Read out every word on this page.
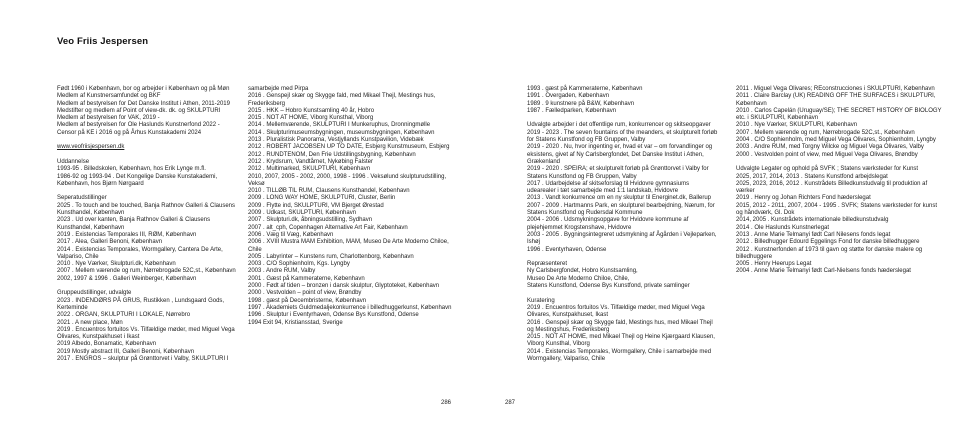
Veo Friis Jespersen

Født 1960 i København, bor og arbejder i København og på Møn

Medlem af Kunstnersamfundet og BKF

Medlem af bestyrelsen for Det Danske Institut i Athen, 2011-2019

Medstifter og medlem af Point of view-dk. dk. og SKULPTURI

Medlem af bestyrelsen for VAK, 2019 -

Medlem af bestyrelsen for Ole Haslunds Kunstnerfond 2022 -

Censor på KE i 2016 og på Århus Kunstakademi 2024

www.veofriisjespersen.dk

Uddannelse

1993-95 . Billedskolen, København, hos Erik Lynge m.fl.

1986-92 og 1993-94 . Det Kongelige Danske Kunstakademi, København, hos Bjørn Nørgaard

Seperatudstillinger

2025 . To touch and be touched, Banja Rathnov Galleri & Clausens Kunsthandel, København

2023 . Ud over kanten, Banja Rathnov Galleri & Clausens Kunsthandel, København

2019 . Existencias Temporales III, RØM, København

2017 . Alea, Galleri Benoni, København

2014 . Existencias Temporales, Wormgallery, Cantera De Arte, Valpariso, Chile

2010 . Nye Værker, Skulpturi.dk, København

2007 . Mellem værende og rum, Nørrebrogade 52C,st., København

2002, 1997 & 1996 . Galleri Weinberger, København

Gruppeudstillinger, udvalgte

2023 . INDENDØRS PÅ GRUS, Rustikken , Lundsgaard Gods, Kerteminde

2022 . ORGAN, SKULPTURI I LOKALE, Nørrebro

2021 . A new place, Møn

2019 . Encuentros fortuitos Vs. Tilfældige møder, med Miguel Vega Olivares, Kunstpakhuset i Ikast

2019 Albedo, Bonamatic, København

2019 Mostly abstract III, Galleri Benoni, København

2017 . ENGROS – skulptur på Grønttorvet i Valby, SKULPTURI I

samarbejde med Pirpa

2016 . Genspejl skær og Skygge fald, med Mikael Thejl, Mestings hus, Frederiksberg

2015 . HKK – Hobro Kunstsamling 40 år, Hobro

2015 . NOT AT HOME, Viborg Kunsthal, Viborg

2014 . Mellemværende, SKULPTURI I Munkeruphus, Dronningmølle

2014 . Skulpturimuseumsbygningen, museumsbygningen, København

2013 . Pluralistisk Panorama, Vestjyllands Kunstpavilion, Videbæk

2012 . ROBERT JACOBSEN UP TO DATE, Esbjerg Kunstmuseum, Esbjerg

2012 . RUNDTENOM, Den Frie Udstillingsbygning, København

2012 . Krydsrum, Vandtårnet, Nykøbing Falster

2012 . Multimarked, SKULPTURI, København

2010, 2007, 2005 - 2002, 2000, 1998 - 1996 . Veksølund skulpturudstilling, Veksø

2010 . TILLØB TIL RUM, Clausens Kunsthandel, København

2009 . LONG WAY HOME, SKULPTURI, Cluster, Berlin

2009 . Flytte ind, SKULPTURI, VM Bjerget Ørestad

2009 . Udkast, SKULPTURI, København

2007 . Skulpturi.dk, åbningsudstilling, Sydhavn

2007 . alt_cph, Copenhagen Alternative Art Fair, København

2006 . Væg til Væg, København

2006 . XVIII Mustra MAM Exhibition, MAM, Museo De Arte Moderno Chiloe, Chile

2005 . Labyrinter – Kunstens rum, Charlottenborg, København

2003 . C/O Sophienholm, Kgs. Lyngby

2003 . Andre RUM, Valby

2001 . Gæst på Kammeraterne, København

2000 . Født af tiden – bronzen i dansk skulptur, Glyptoteket, København

2000 . Vestvolden – point of view, Brøndby

1998 . gæst på Decembristerne, København

1997 . Akademiets Guldmedaljekonkurrence i billedhuggerkunst, København

1996 . Skulptur i Eventyrhaven, Odense Bys Kunstfond, Odense

1994 Exit 94, Kristiansstad, Sverige

1993 . gæst på Kammeraterne, København

1991 . Overgaden, København

1989 . 9 kunstnere på B&W, København

1987 . Fælledparken, København

Udvalgte arbejder i det offentlige rum, konkurrencer og skitseopgaver

2019 - 2023 . The seven fountains of the meanders, et skulpturelt forløb for Statens Kunstfond og FB Gruppen, Valby

2019 - 2020 . Nu, hvor ingenting er, hvad et var – om forvandlinger og eksistens, givet af Ny Carlsbergfondet, Det Danske Institut i Athen, Grækenland

2019 - 2020 . SPEIRA; et skulpturelt forløb på Grønttorvet i Valby for Statens Kunstfond og FB Gruppen, Valby

2017 . Udarbejdelse af skitseforslag til Hvidovre gymnasiums udearealer i tæt samarbejde med 1:1 landskab, Hvidovre

2013 . Vandt konkurrence om en ny skulptur til Energinet.dk, Ballerup

2007 - 2009 . Hartmanns Park, en skulpturel bearbejdning, Nærum, for Statens Kunstfond og Rudersdal Kommune

2004 - 2006 . Udsmykningsopgave for Hvidovre kommune af plejehjemmet Krogstenshave, Hvidovre

2003 - 2005 . Bygningsintegreret udsmykning af Ågården i Vejleparken, Ishøj

1996 . Eventyrhaven, Odense

Repræsenteret

Ny Carlsbergfondet, Hobro Kunstsamling,

Museo De Arte Moderno Chiloe, Chile,

Statens Kunstfond, Odense Bys Kunstfond, private samlinger

Kuratering

2019 . Encuentros fortuitos Vs. Tilfældige møder, med Miguel Vega Olivares, Kunstpakhuset, Ikast

2016 . Genspejl skær og Skygge fald, Mestings hus, med Mikael Thejl og Mestingshus, Frederiksberg

2015 . NOT AT HOME, med Mikael Thejl og Heine Kjærgaard Klausen, Viborg Kunsthal, Viborg

2014 . Existencias Temporales, Wormgallery, Chile i samarbejde med Wormgallery, Valpariso, Chile

2011 . Miguel Vega Olivares; REconstrucciones i SKULPTURI, København

2011 . Claire Barclay (UK) READING OFF THE SURFACES i SKULPTURI, København

2010 . Carlos Capelán (Uruguay/SE); THE SECRET HISTORY OF BIOLOGY etc. i SKULPTURI, København

2010 . Nye Værker, SKULPTURI, København

2007 . Mellem værende og rum, Nørrebrogade 52C,st., København

2004 . C/O Sophienholm, med Miguel Vega Olivares, Sophienholm, Lyngby

2003 . Andre RUM, med Torgny Wilcke og Miguel Vega Olivares, Valby

2000 . Vestvolden point of view, med Miguel Vega Olivares, Brøndby

Udvalgte Legater og ophold på SVFK ; Statens værksteder for Kunst

2025, 2017, 2014, 2013 . Statens Kunstfond arbejdslegat

2025, 2023, 2016, 2012 . Kunstrådets Billedkunstudvalg til produktion af værker

2019 . Henry og Johan Richters Fond hæderslegat

2015, 2012 - 2011, 2007, 2004 - 1995 . SVFK; Statens værksteder for kunst og håndværk, Gl. Dok

2014, 2005 . Kunstrådets internationale billedkunstudvalg

2014 . Ole Haslunds Kunstnerlegat

2013 . Anne Marie Telmanyi født Carl Nilesens fonds legat

2012 . Billedhugger Edourd Eggelings Fond for danske billedhuggere

2012 . Kunstnerfonden af 1973 til gavn og støtte for danske malere og billedhuggere

2005 . Henry Heerups Legat

2004 . Anne Marie Telmanyi født Carl-Nielsens fonds hæderslegat

286	287
